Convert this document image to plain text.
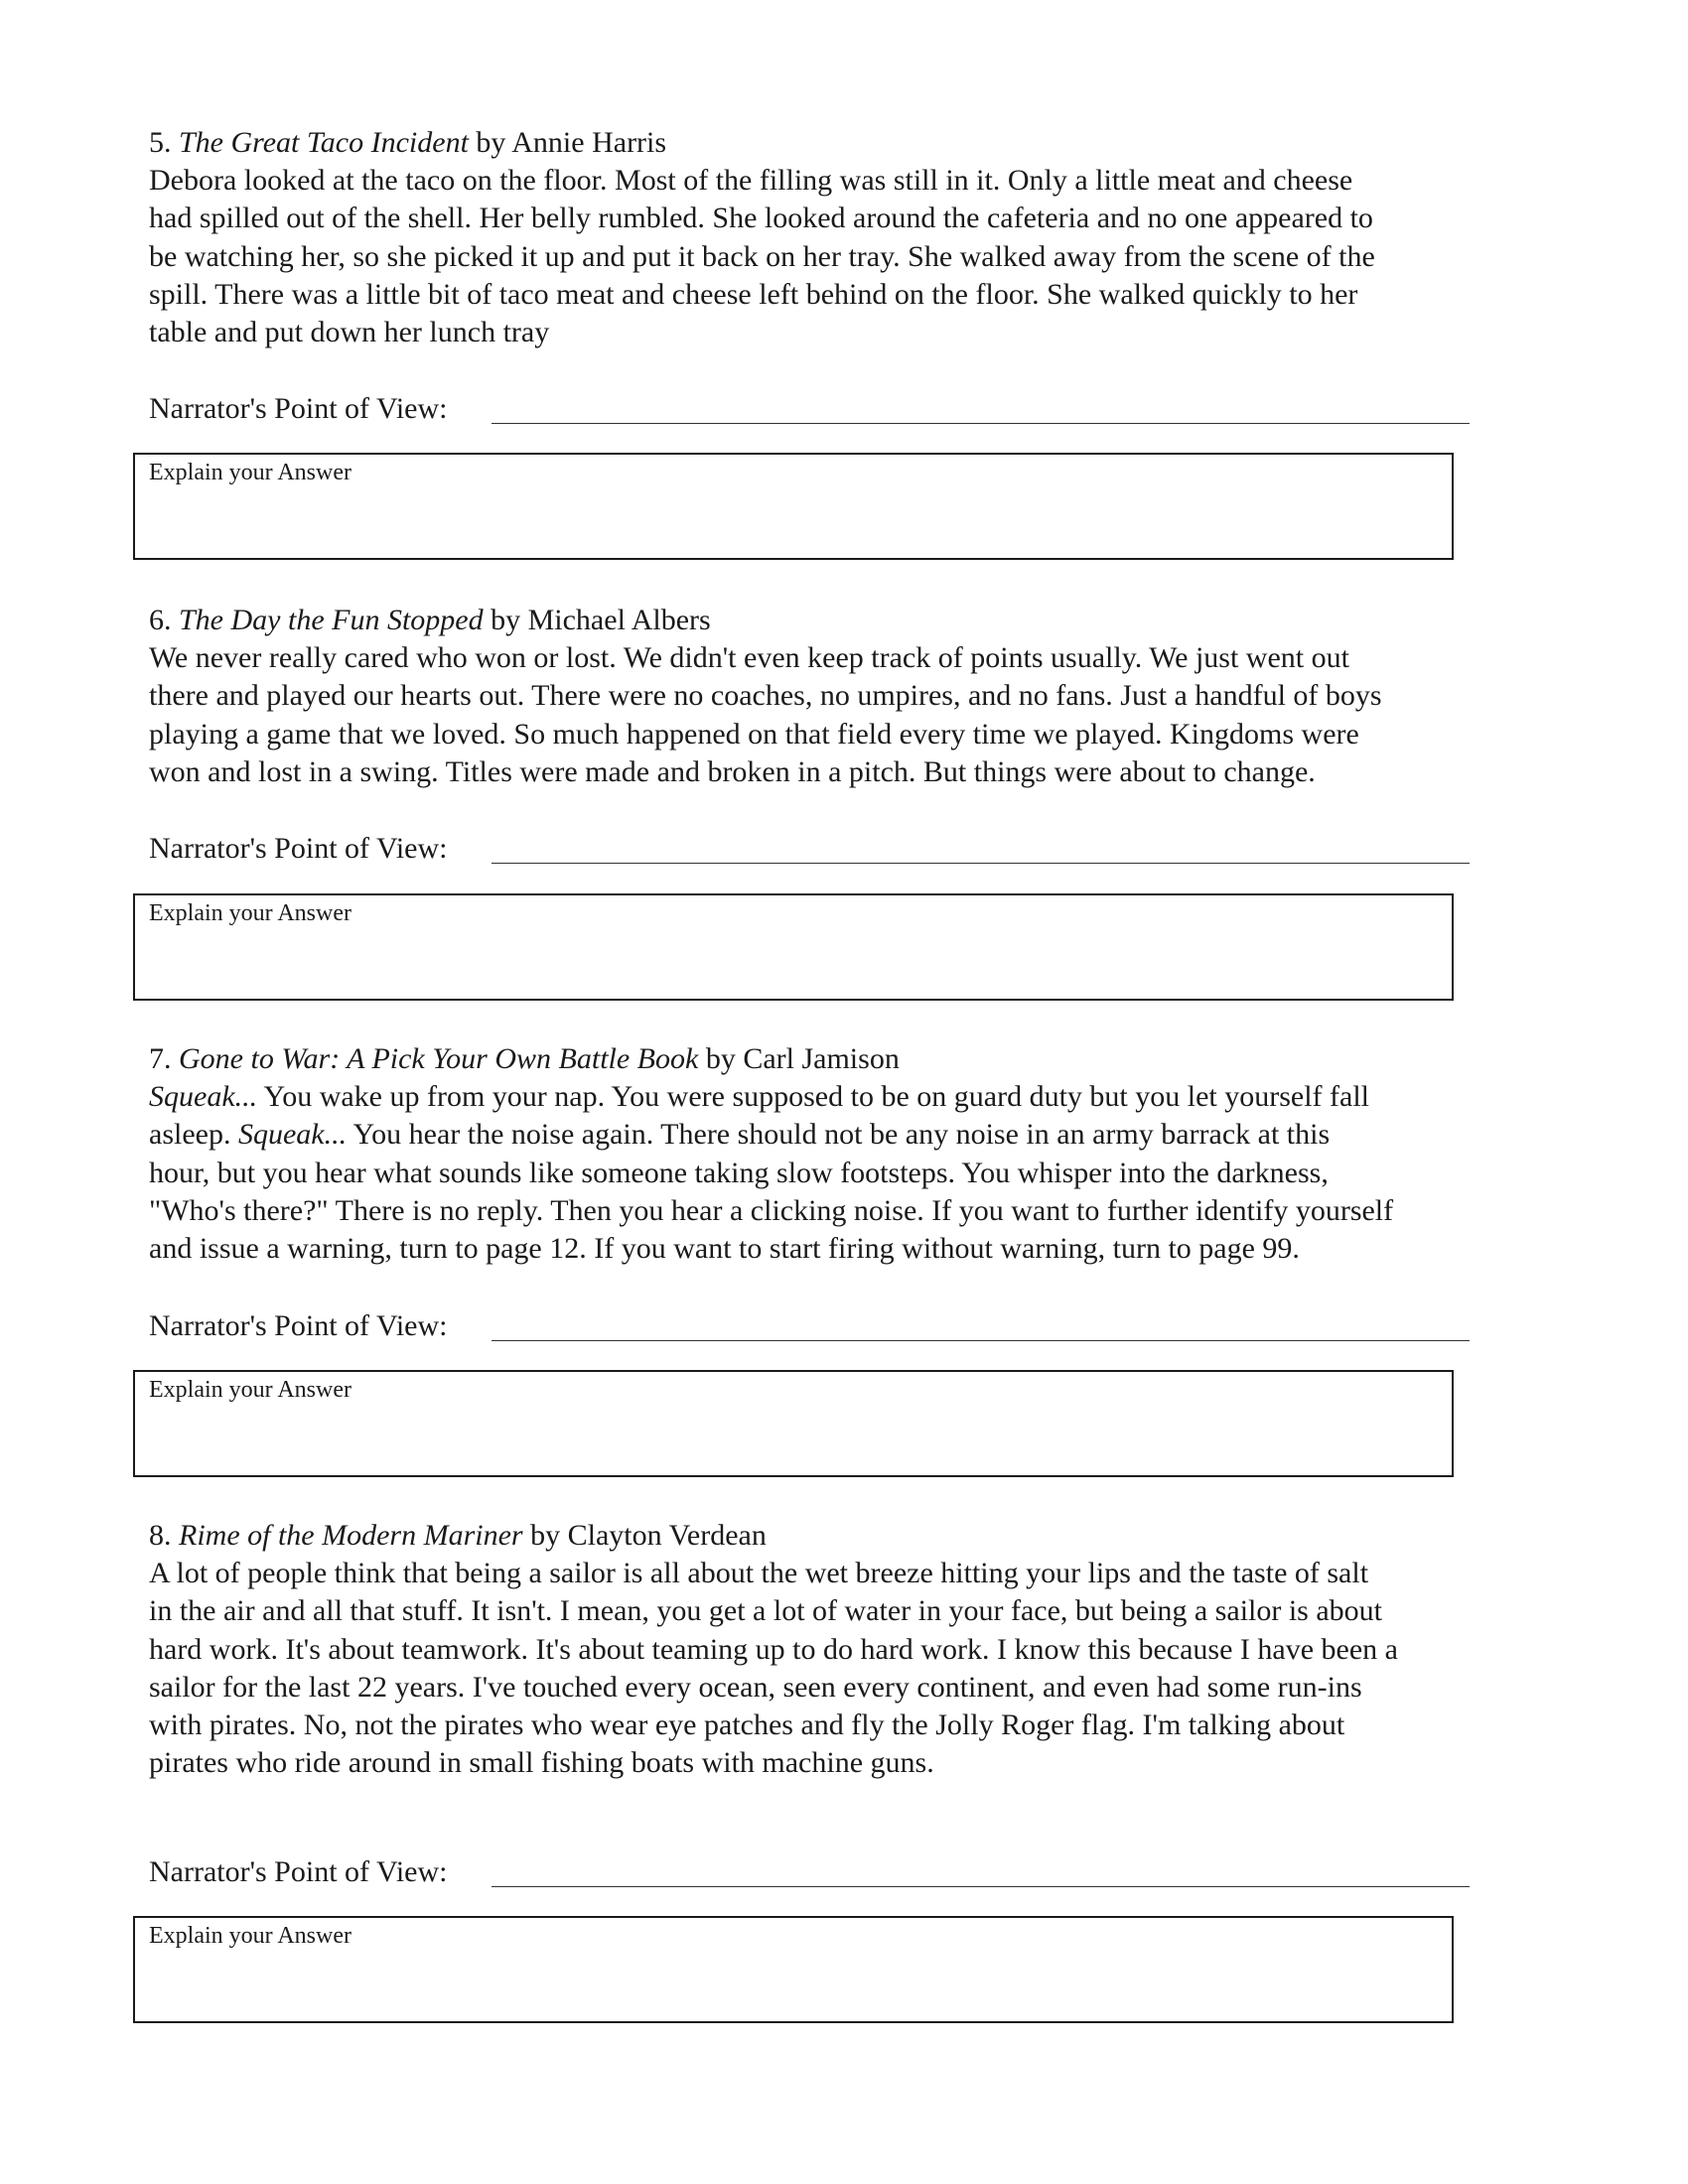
5. The Great Taco Incident by Annie Harris

Debora looked at the taco on the floor. Most of the filling was still in it. Only a little meat and cheese
had spilled out of the shell. Her belly rumbled. She looked around the cafeteria and no one appeared to
be watching her, so she picked it up and put it back on her tray. She walked away from the scene of the
spill. There was a little bit of taco meat and cheese left behind on the floor. She walked quickly to her
table and put down her lunch tray

Narrator's Point of View:
Explain your Answer

6. The Day the Fun Stopped by Michael Albers

We never really cared who won or lost. We didn't even keep track of points usually. We just went out
there and played our hearts out. There were no coaches, no umpires, and no fans. Just a handful of boys
playing a game that we loved. So much happened on that field every time we played. Kingdoms were
won and lost in a swing. Titles were made and broken in a pitch. But things were about to change.

Narrator's Point of View:
Explain your Answer

7. Gone to War: A Pick Your Own Battle Book by Carl Jamison

Squeak... You wake up from your nap. You were supposed to be on guard duty but you let yourself fall
asleep. Squeak... You hear the noise again. There should not be any noise in an army barrack at this
hour, but you hear what sounds like someone taking slow footsteps. You whisper into the darkness,
"Who's there?" There is no reply. Then you hear a clicking noise. If you want to further identify yourself
and issue a warning, turn to page 12. If you want to start firing without warning, turn to page 99.

Narrator's Point of View:
Explain your Answer

8. Rime of the Modern Mariner by Clayton Verdean

A lot of people think that being a sailor is all about the wet breeze hitting your lips and the taste of salt
in the air and all that stuff. It isn't. I mean, you get a lot of water in your face, but being a sailor is about
hard work. It's about teamwork. It's about teaming up to do hard work. I know this because I have been a
sailor for the last 22 years. I've touched every ocean, seen every continent, and even had some run-ins
with pirates. No, not the pirates who wear eye patches and fly the Jolly Roger flag. I'm talking about
pirates who ride around in small fishing boats with machine guns.

Narrator's Point of View:
Explain your Answer
